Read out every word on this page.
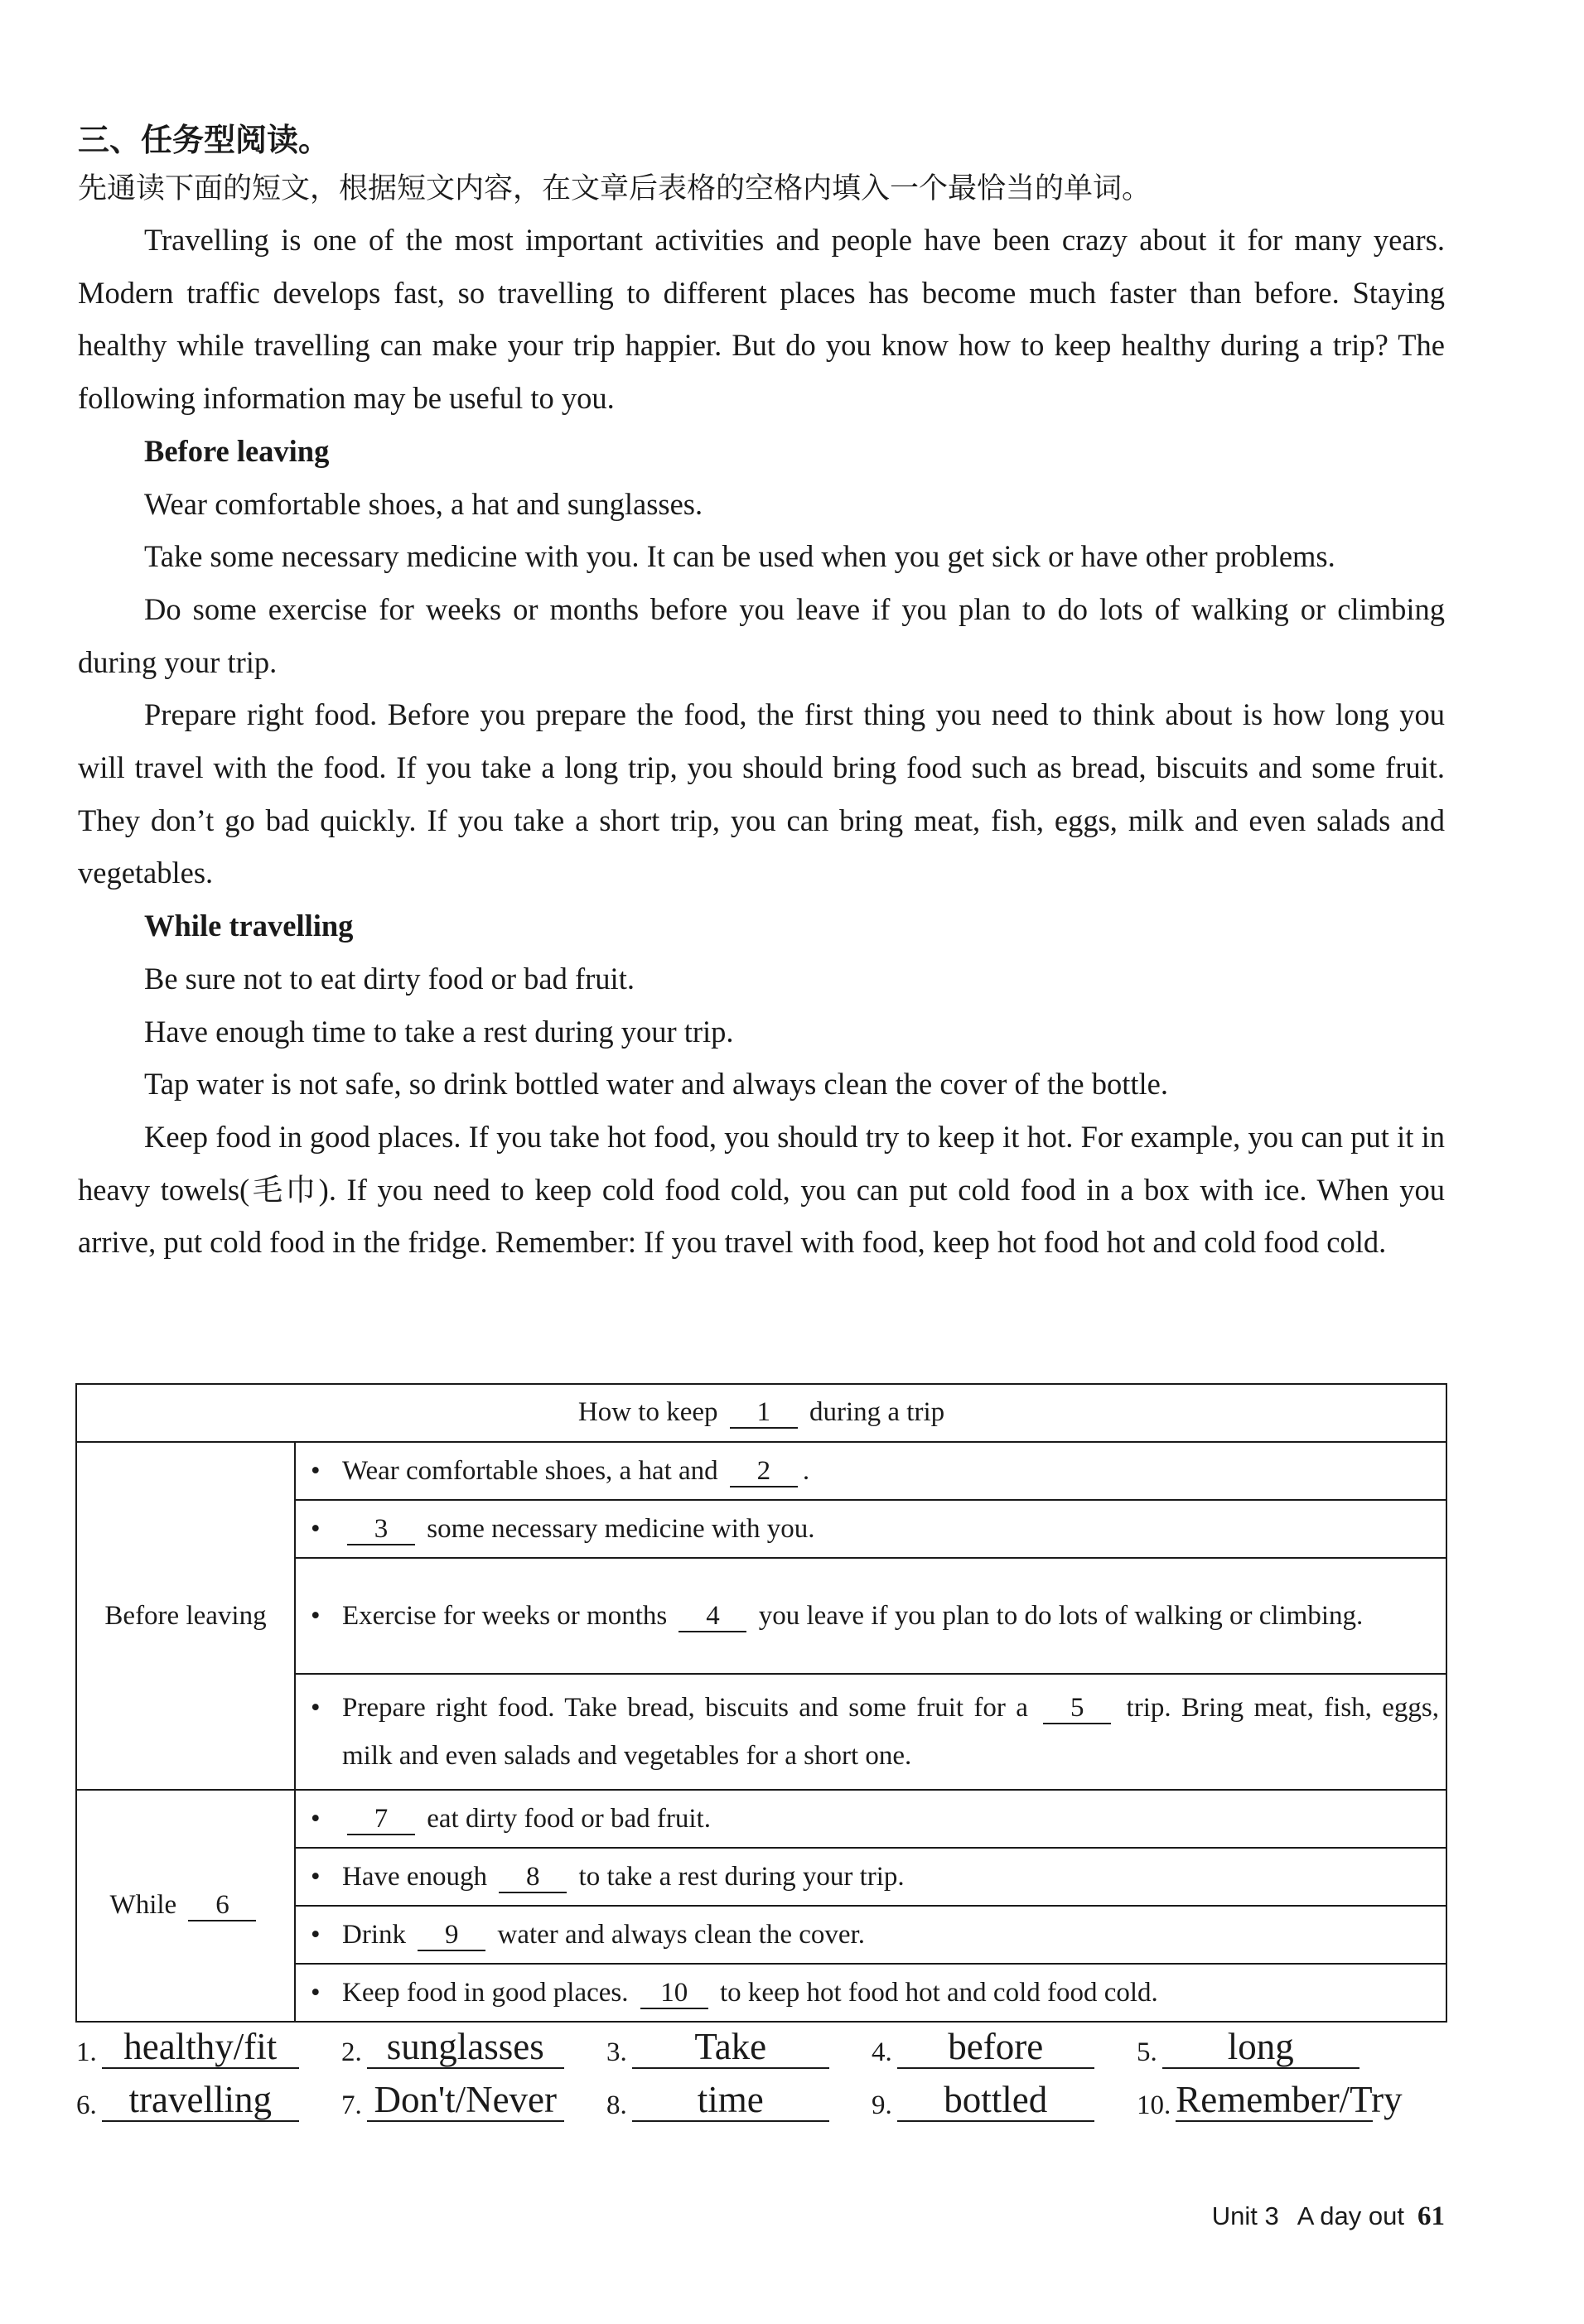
三、任务型阅读。
先通读下面的短文，根据短文内容，在文章后表格的空格内填入一个最恰当的单词。

Travelling is one of the most important activities and people have been crazy about it for many years. Modern traffic develops fast, so travelling to different places has become much faster than before. Staying healthy while travelling can make your trip happier. But do you know how to keep healthy during a trip? The following information may be useful to you.

Before leaving

Wear comfortable shoes, a hat and sunglasses.

Take some necessary medicine with you. It can be used when you get sick or have other problems.

Do some exercise for weeks or months before you leave if you plan to do lots of walking or climbing during your trip.

Prepare right food. Before you prepare the food, the first thing you need to think about is how long you will travel with the food. If you take a long trip, you should bring food such as bread, biscuits and some fruit. They don’t go bad quickly. If you take a short trip, you can bring meat, fish, eggs, milk and even salads and vegetables.

While travelling

Be sure not to eat dirty food or bad fruit.

Have enough time to take a rest during your trip.

Tap water is not safe, so drink bottled water and always clean the cover of the bottle.

Keep food in good places. If you take hot food, you should try to keep it hot. For example, you can put it in heavy towels(毛巾). If you need to keep cold food cold, you can put cold food in a box with ice. When you arrive, put cold food in the fridge. Remember: If you travel with food, keep hot food hot and cold food cold.

How to keep 1 during a trip	
Before leaving	• Wear comfortable shoes, a hat and 2 .

	• 3 some necessary medicine with you.

	• Exercise for weeks or months 4 you leave if you plan to do lots of walking or climbing.

	• Prepare right food. Take bread, biscuits and some fruit for a 5 trip. Bring meat, fish, eggs, milk and even salads and vegetables for a short one.

While 6	• 7 eat dirty food or bad fruit.

	• Have enough 8 to take a rest during your trip.

	• Drink 9 water and always clean the cover.

	• Keep food in good places. 10 to keep hot food hot and cold food cold.
1. healthy/fit	2. sunglasses	3.	Take	4.	before	5.	long
6. travelling	7. Don't/Never 8.	time	9.	bottled	10. Remember/Try
Unit 3 A day out 61
